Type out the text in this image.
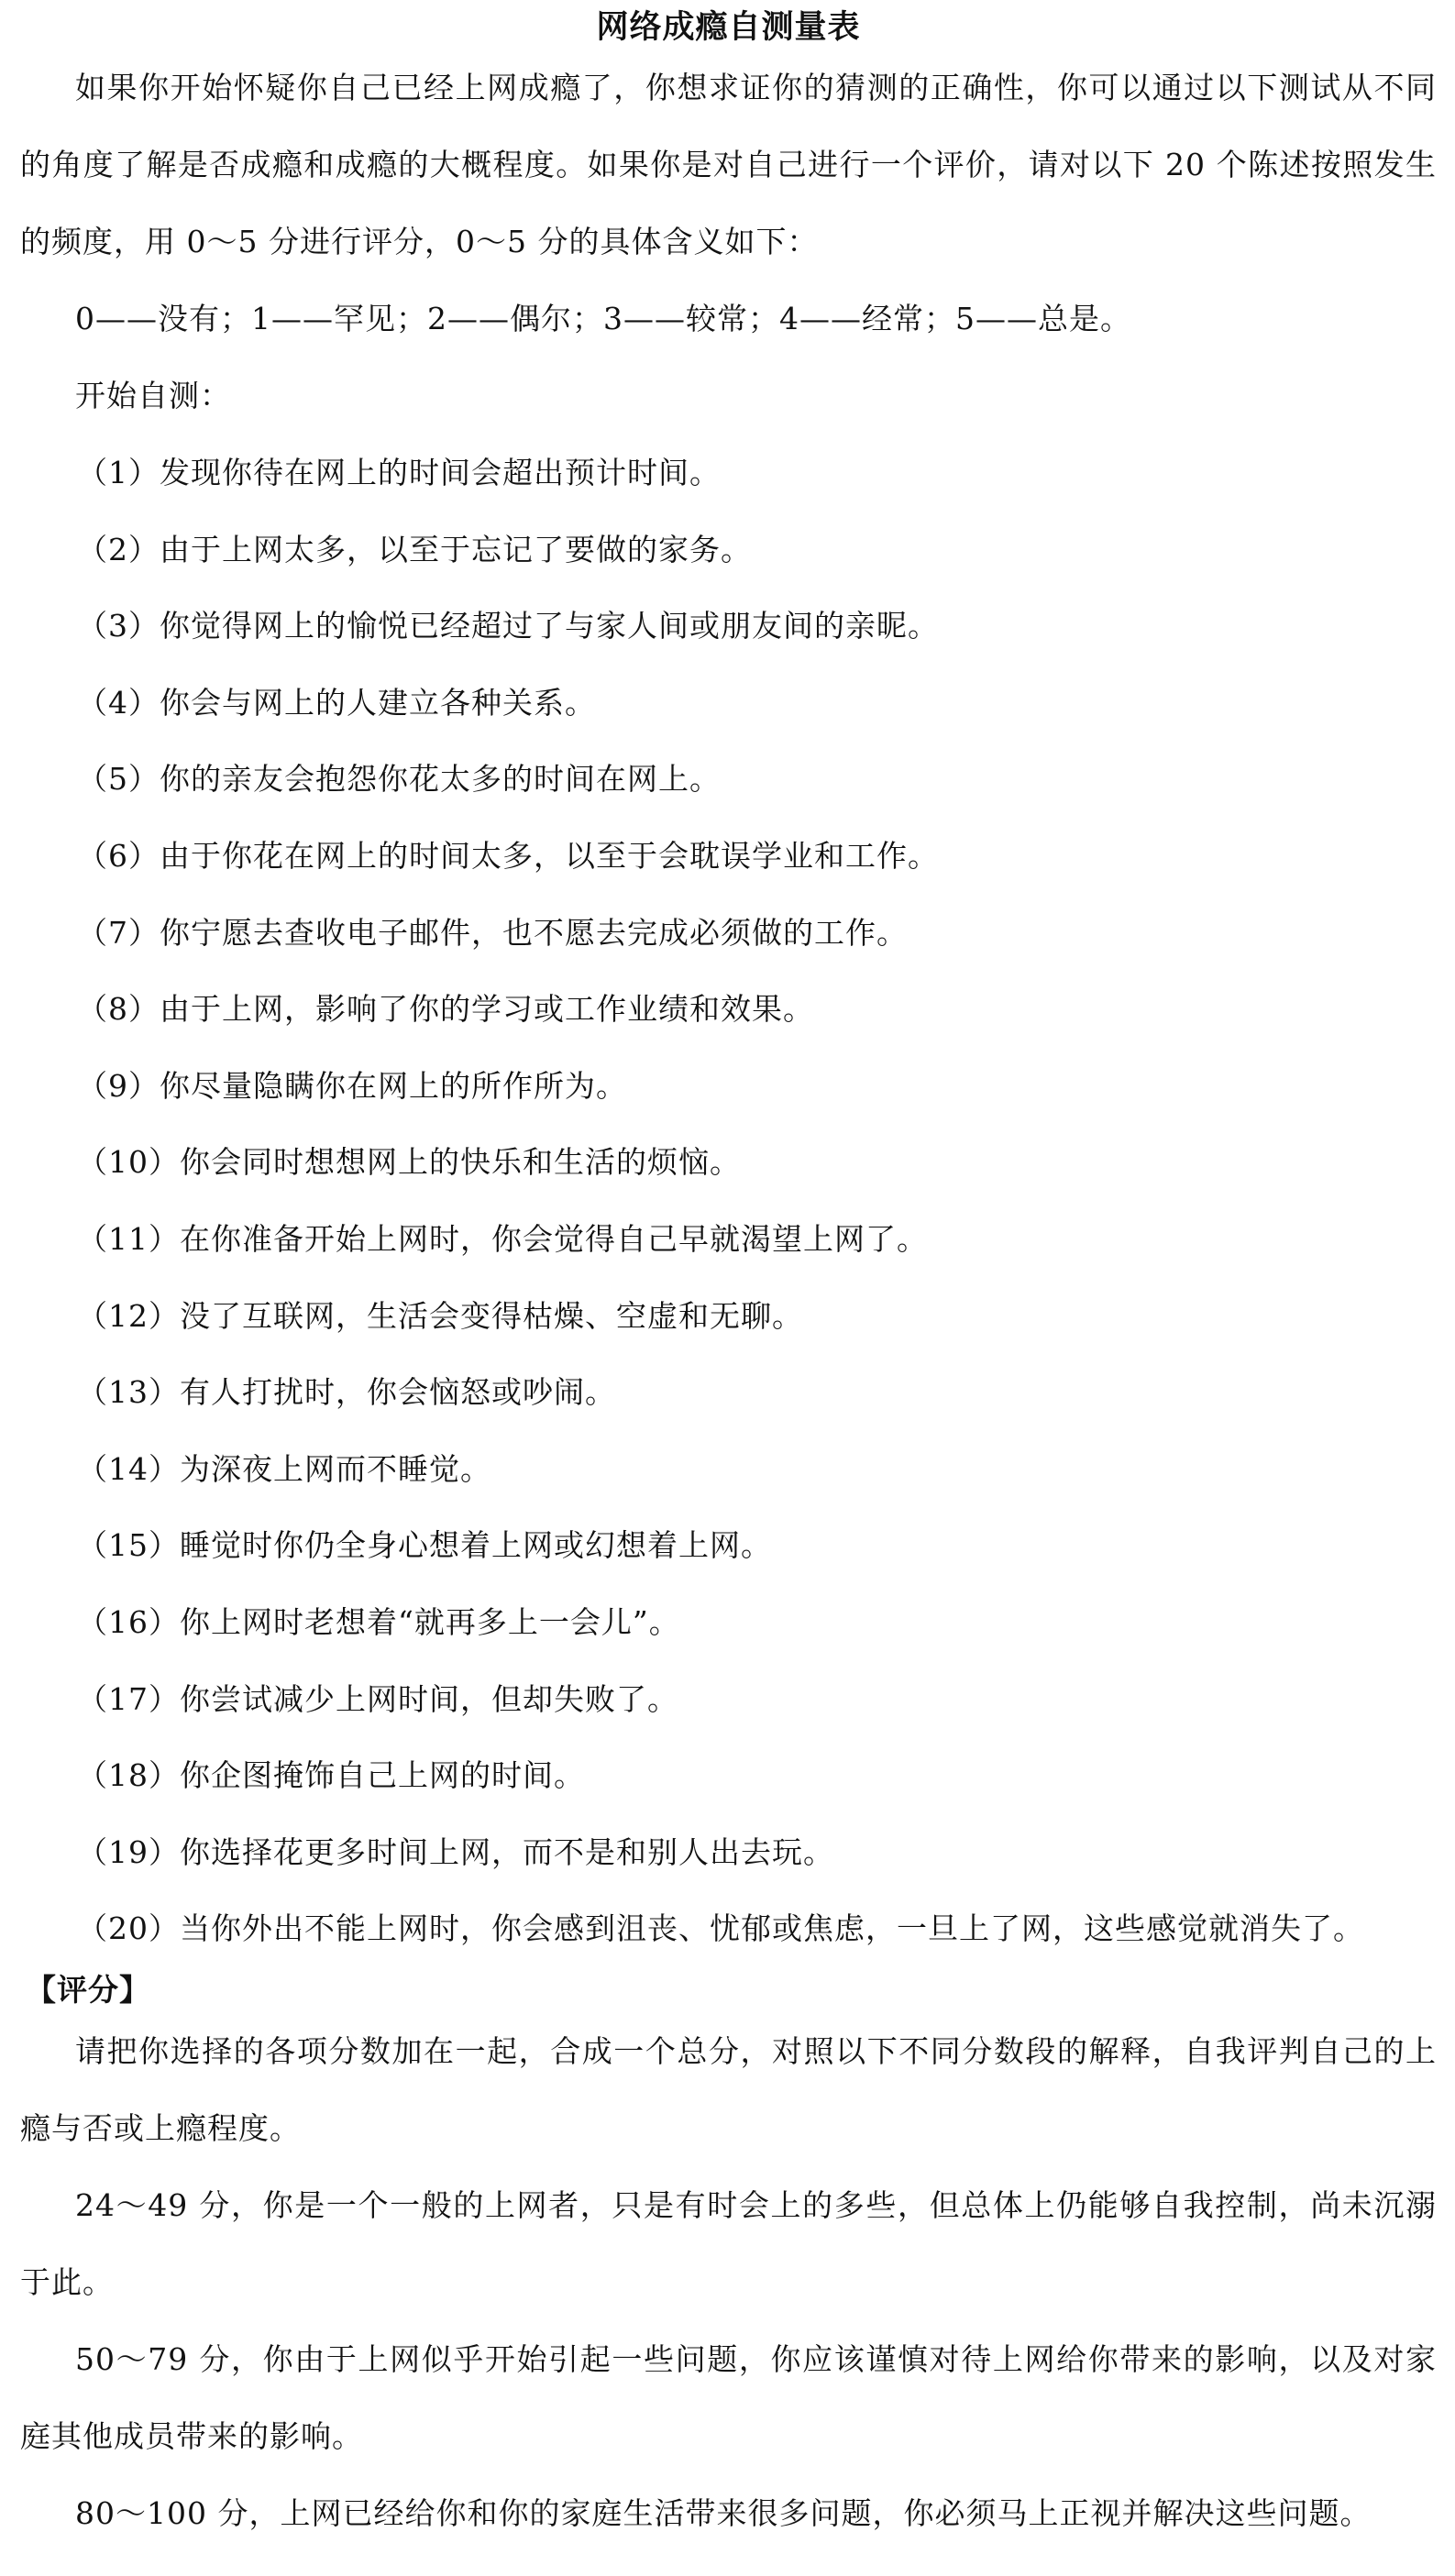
网络成瘾自测量表

如果你开始怀疑你自己已经上网成瘾了，你想求证你的猜测的正确性，你可以通过以下测试从不同的角度了解是否成瘾和成瘾的大概程度。如果你是对自己进行一个评价，请对以下 20 个陈述按照发生的频度，用 0～5 分进行评分，0～5 分的具体含义如下：

0——没有；1——罕见；2——偶尔；3——较常；4——经常；5——总是。

开始自测：

（1）发现你待在网上的时间会超出预计时间。

（2）由于上网太多，以至于忘记了要做的家务。

（3）你觉得网上的愉悦已经超过了与家人间或朋友间的亲昵。

（4）你会与网上的人建立各种关系。

（5）你的亲友会抱怨你花太多的时间在网上。

（6）由于你花在网上的时间太多，以至于会耽误学业和工作。

（7）你宁愿去查收电子邮件，也不愿去完成必须做的工作。

（8）由于上网，影响了你的学习或工作业绩和效果。

（9）你尽量隐瞒你在网上的所作所为。

（10）你会同时想想网上的快乐和生活的烦恼。

（11）在你准备开始上网时，你会觉得自己早就渴望上网了。

（12）没了互联网，生活会变得枯燥、空虚和无聊。

（13）有人打扰时，你会恼怒或吵闹。

（14）为深夜上网而不睡觉。

（15）睡觉时你仍全身心想着上网或幻想着上网。

（16）你上网时老想着“就再多上一会儿”。

（17）你尝试减少上网时间，但却失败了。

（18）你企图掩饰自己上网的时间。

（19）你选择花更多时间上网，而不是和别人出去玩。

（20）当你外出不能上网时，你会感到沮丧、忧郁或焦虑，一旦上了网，这些感觉就消失了。

【评分】

请把你选择的各项分数加在一起，合成一个总分，对照以下不同分数段的解释，自我评判自己的上瘾与否或上瘾程度。

24～49 分，你是一个一般的上网者，只是有时会上的多些，但总体上仍能够自我控制，尚未沉溺于此。

50～79 分，你由于上网似乎开始引起一些问题，你应该谨慎对待上网给你带来的影响，以及对家庭其他成员带来的影响。

80～100 分，上网已经给你和你的家庭生活带来很多问题，你必须马上正视并解决这些问题。
